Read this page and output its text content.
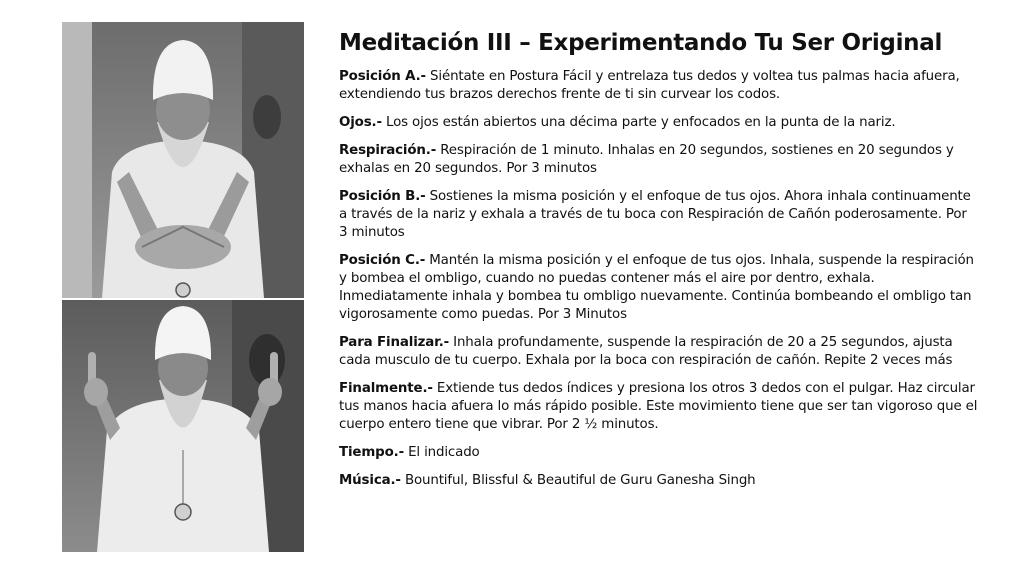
Meditación III – Experimentando Tu Ser Original

Posición A.- Siéntate en Postura Fácil y entrelaza tus dedos y voltea tus palmas hacia afuera, extendiendo tus brazos derechos frente de ti sin curvear los codos.

Ojos.- Los ojos están abiertos una décima parte y enfocados en la punta de la nariz.

Respiración.- Respiración de 1 minuto. Inhalas en 20 segundos, sostienes en 20 segundos y exhalas en 20 segundos. Por 3 minutos

Posición B.- Sostienes la misma posición y el enfoque de tus ojos. Ahora inhala continuamente a través de la nariz y exhala a través de tu boca con Respiración de Cañón poderosamente. Por 3 minutos

Posición C.- Mantén la misma posición y el enfoque de tus ojos. Inhala, suspende la respiración y bombea el ombligo, cuando no puedas contener más el aire por dentro, exhala. Inmediatamente inhala y bombea tu ombligo nuevamente. Continúa bombeando el ombligo tan vigorosamente como puedas. Por 3 Minutos

Para Finalizar.- Inhala profundamente, suspende la respiración de 20 a 25 segundos, ajusta cada musculo de tu cuerpo. Exhala por la boca con respiración de cañón. Repite 2 veces más

Finalmente.- Extiende tus dedos índices y presiona los otros 3 dedos con el pulgar. Haz circular tus manos hacia afuera lo más rápido posible. Este movimiento tiene que ser tan vigoroso que el cuerpo entero tiene que vibrar. Por 2 ½ minutos.

Tiempo.- El indicado

Música.- Bountiful, Blissful & Beautiful de Guru Ganesha Singh
